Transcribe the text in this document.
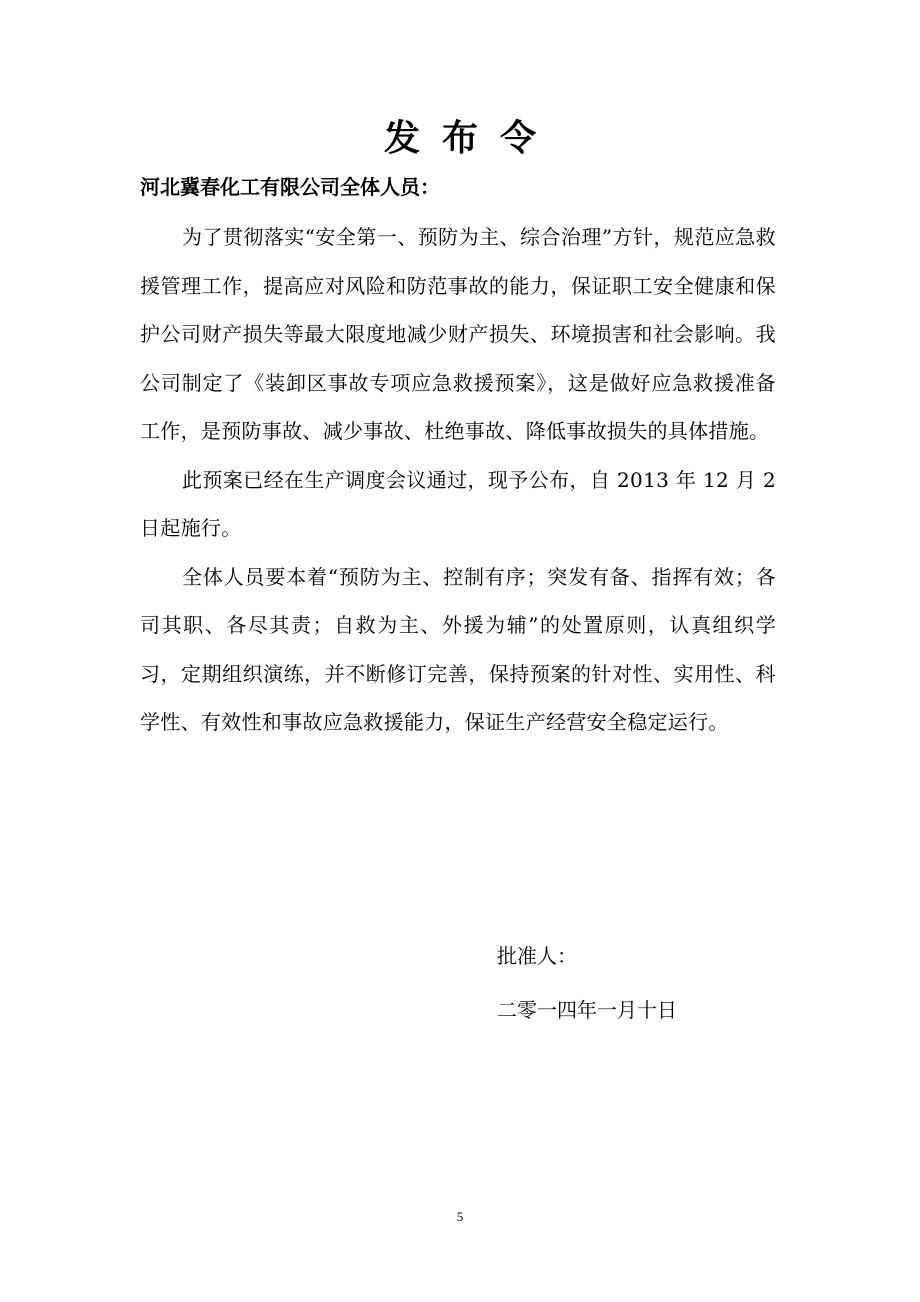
发布令

河北冀春化工有限公司全体人员：

为了贯彻落实“安全第一、预防为主、综合治理”方针，规范应急救援管理工作，提高应对风险和防范事故的能力，保证职工安全健康和保护公司财产损失等最大限度地减少财产损失、环境损害和社会影响。我公司制定了《装卸区事故专项应急救援预案》，这是做好应急救援准备工作，是预防事故、减少事故、杜绝事故、降低事故损失的具体措施。

此预案已经在生产调度会议通过，现予公布，自 2013 年 12 月 2 日起施行。

全体人员要本着“预防为主、控制有序；突发有备、指挥有效；各司其职、各尽其责；自救为主、外援为辅”的处置原则，认真组织学习，定期组织演练，并不断修订完善，保持预案的针对性、实用性、科学性、有效性和事故应急救援能力，保证生产经营安全稳定运行。

批准人：
二零一四年一月十日
5
